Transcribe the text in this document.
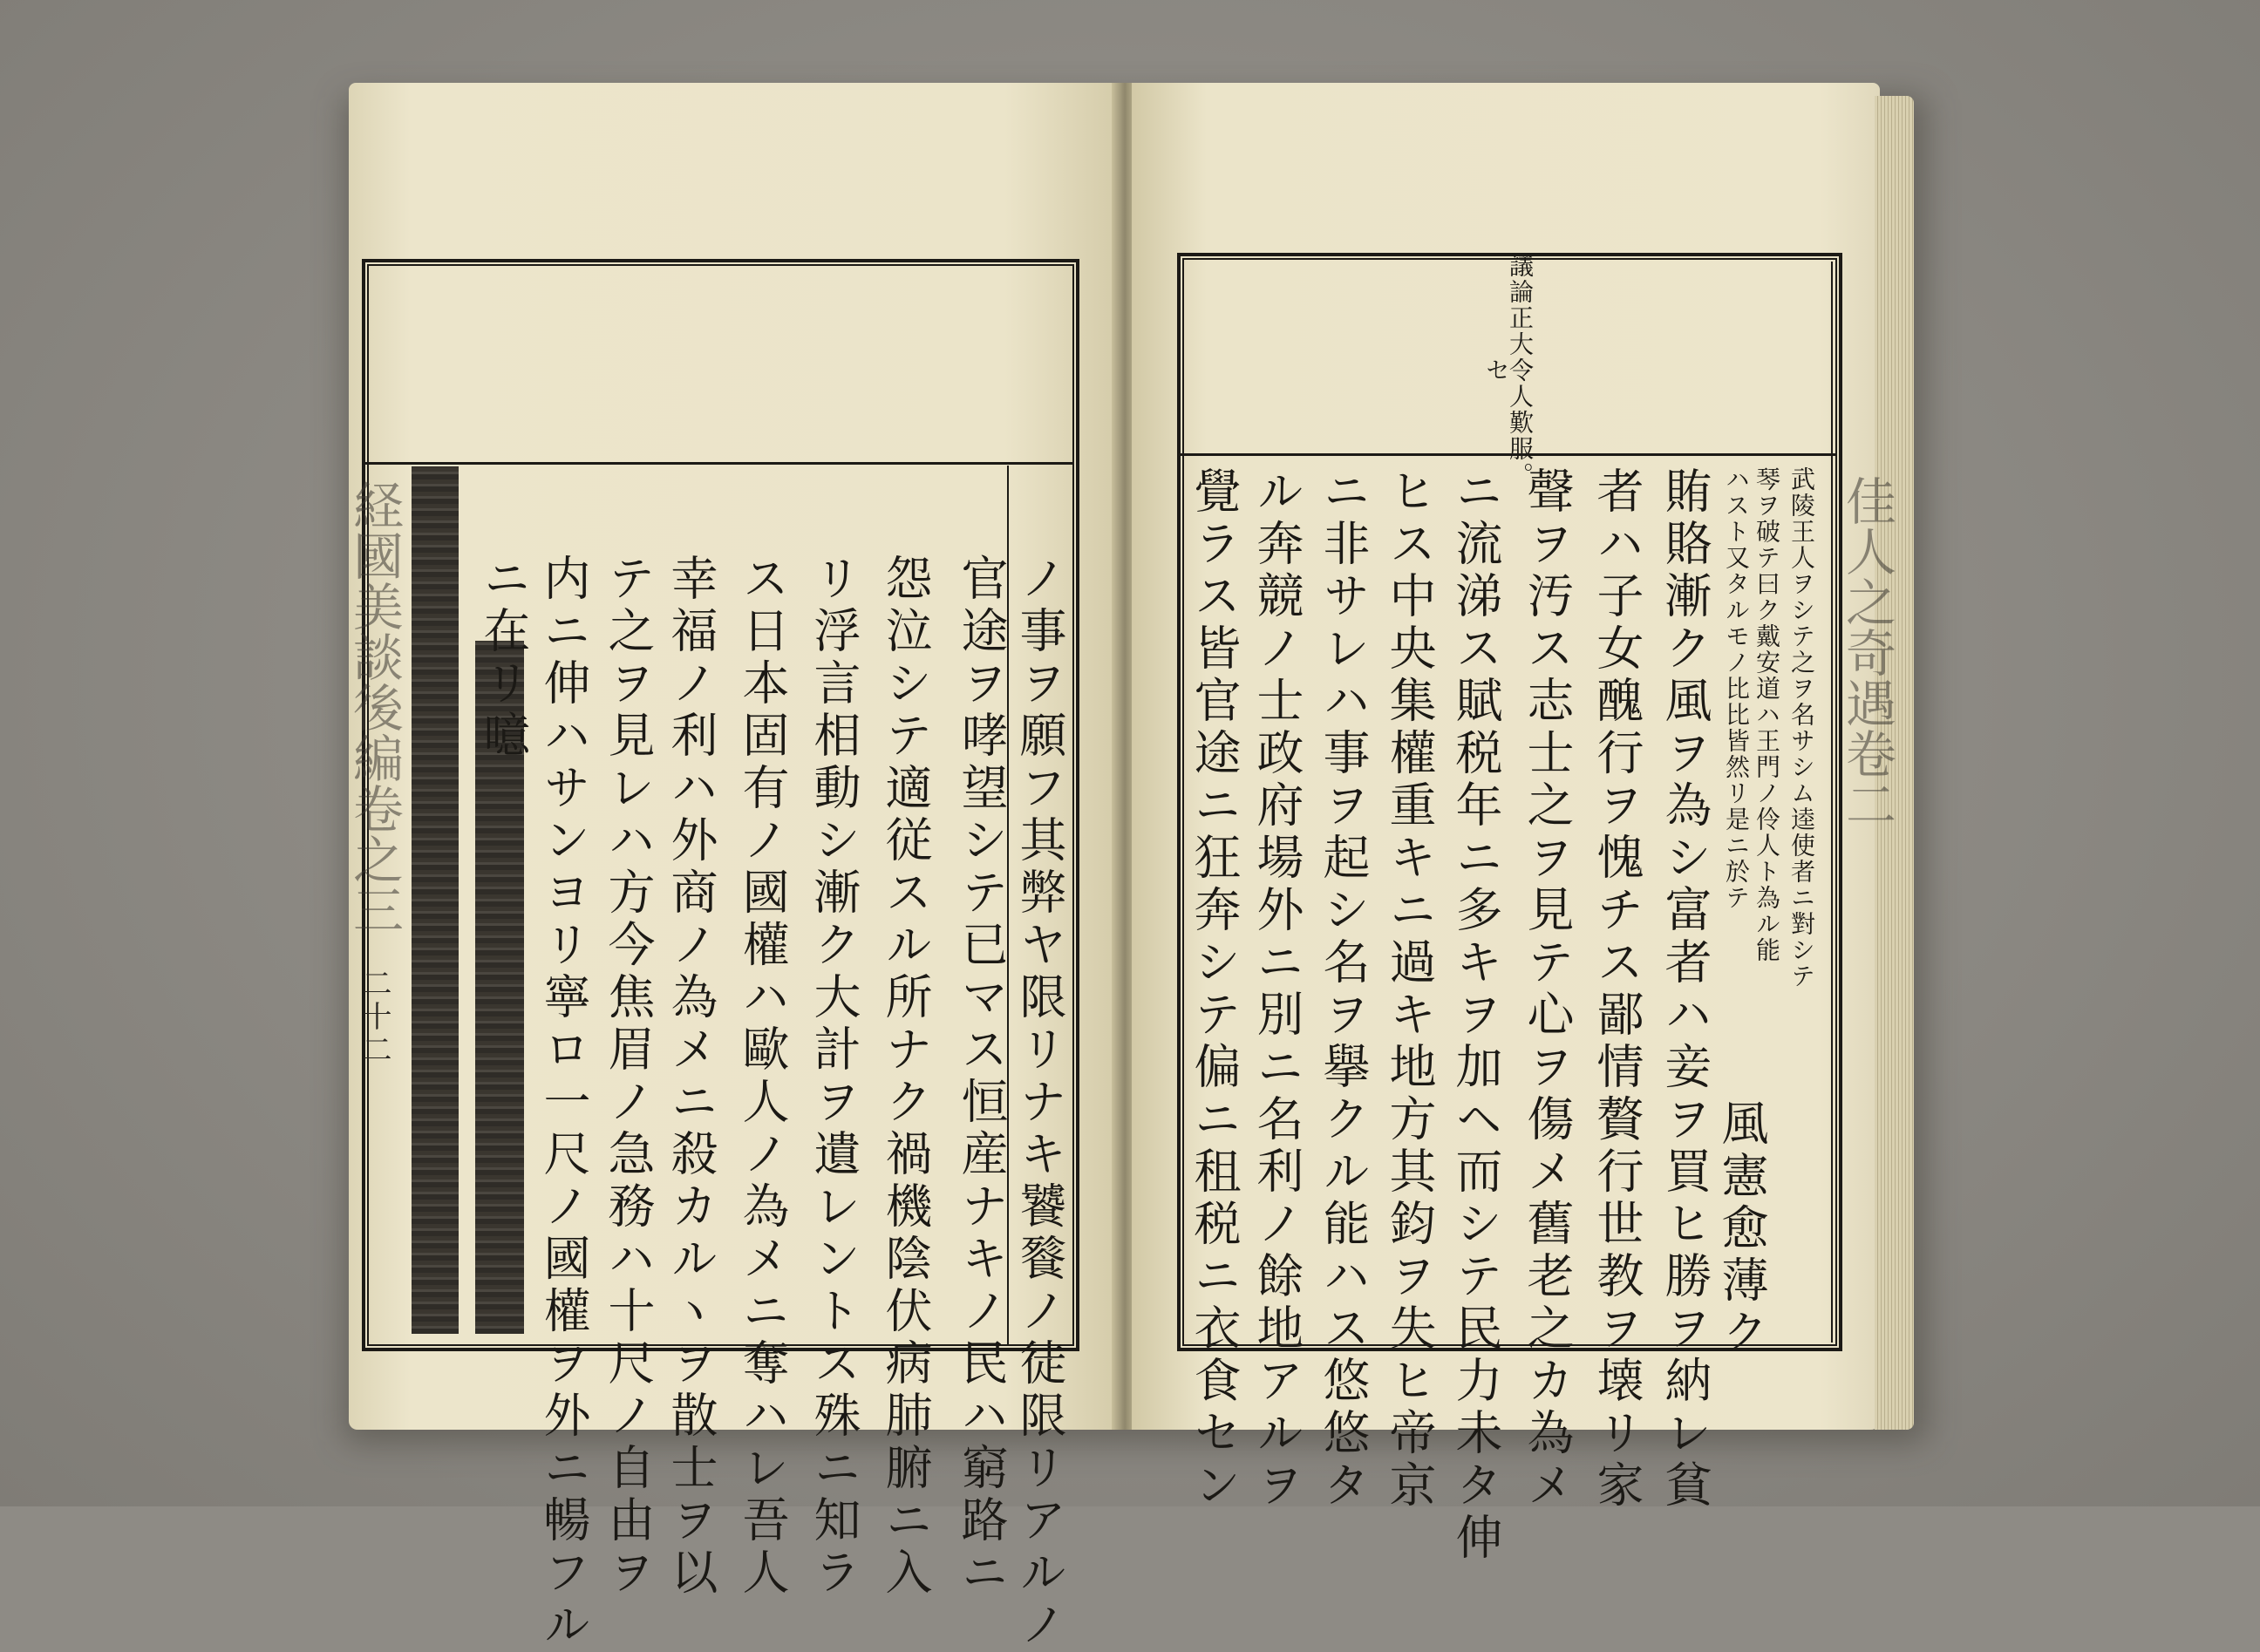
経國美談後編卷之三
二十二	ノ事ヲ願フ其弊ヤ限リナキ饕餮ノ徒限リアルノ
官途ヲ哮望シテ已マス恒産ナキノ民ハ窮路ニ
怨泣シテ適従スル所ナク禍機陰伏病肺腑ニ入
リ浮言相動シ漸ク大計ヲ遺レントス殊ニ知ラ
ス日本固有ノ國權ハ歐人ノ為メニ奪ハレ吾人
幸福ノ利ハ外商ノ為メニ殺カルヽヲ散士ヲ以
テ之ヲ見レハ方今焦眉ノ急務ハ十尺ノ自由ヲ
内ニ伸ハサンヨリ寧ロ一尺ノ國權ヲ外ニ暢フル
ニ在リ噫
議論正大令人歎服。
セ
佳人之奇遇卷二
武陵王人ヲシテ之ヲ名サシム逵使者ニ對シテ
琴ヲ破テ曰ク戴安道ハ王門ノ伶人ト為ル能
ハスト又タルモノ比比皆然リ是ニ於テ
風憲愈薄ク
賄賂漸ク風ヲ為シ富者ハ妾ヲ買ヒ勝ヲ納レ貧
者ハ子女醜行ヲ愧チス鄙情贅行世教ヲ壊リ家
聲ヲ汚ス志士之ヲ見テ心ヲ傷メ舊老之カ為メ
ニ流涕ス賦税年ニ多キヲ加ヘ而シテ民力未タ伸
ヒス中央集權重キニ過キ地方其鈞ヲ失ヒ帝京
ニ非サレハ事ヲ起シ名ヲ擧クル能ハス悠悠タ
ル奔競ノ士政府場外ニ別ニ名利ノ餘地アルヲ
覺ラス皆官途ニ狂奔シテ偏ニ租税ニ衣食セン
